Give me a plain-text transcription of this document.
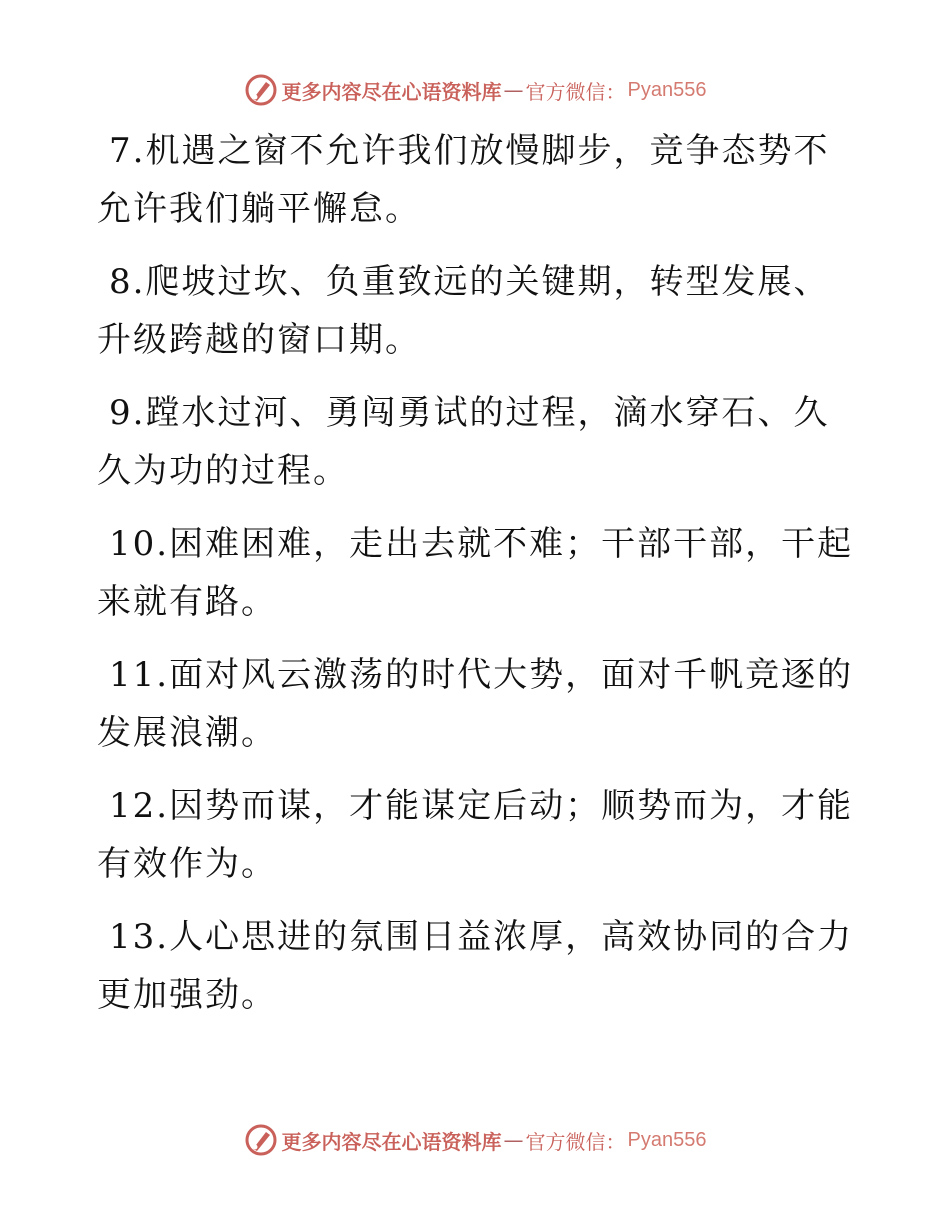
更多内容尽在心语资料库 — 官方微信： Pyan556

7.机遇之窗不允许我们放慢脚步，竞争态势不允许我们躺平懈怠。

8.爬坡过坎、负重致远的关键期，转型发展、升级跨越的窗口期。

9.蹚水过河、勇闯勇试的过程，滴水穿石、久久为功的过程。

10.困难困难，走出去就不难；干部干部，干起来就有路。

11.面对风云激荡的时代大势，面对千帆竞逐的发展浪潮。

12.因势而谋，才能谋定后动；顺势而为，才能有效作为。

13.人心思进的氛围日益浓厚，高效协同的合力更加强劲。

更多内容尽在心语资料库 — 官方微信： Pyan556
